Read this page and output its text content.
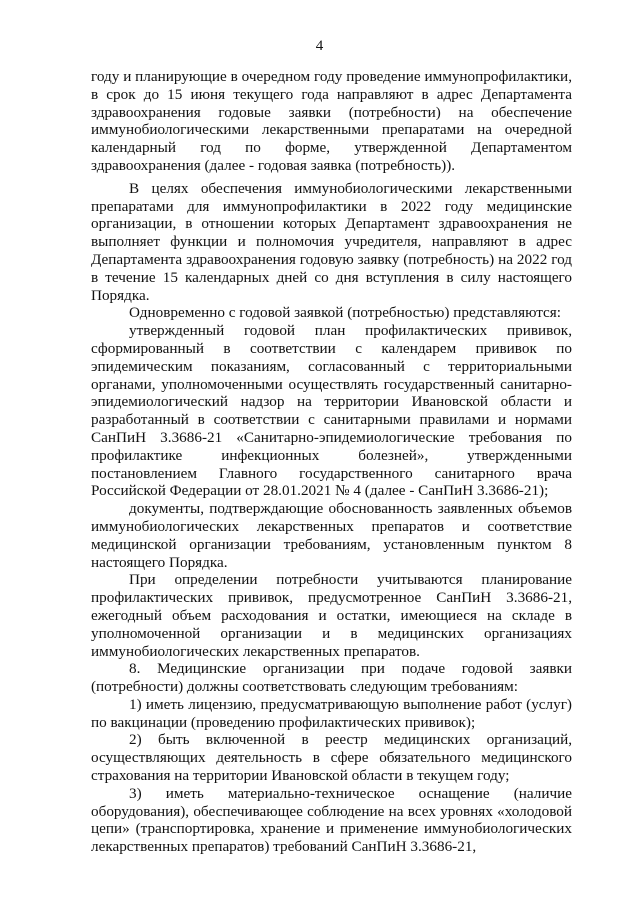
4

году и планирующие в очередном году проведение иммунопрофилактики, в срок до 15 июня текущего года направляют в адрес Департамента здравоохранения годовые заявки (потребности) на обеспечение иммунобиологическими лекарственными препаратами на очередной календарный год по форме, утвержденной Департаментом здравоохранения (далее - годовая заявка (потребность)).

В целях обеспечения иммунобиологическими лекарственными препаратами для иммунопрофилактики в 2022 году медицинские организации, в отношении которых Департамент здравоохранения не выполняет функции и полномочия учредителя, направляют в адрес Департамента здравоохранения годовую заявку (потребность) на 2022 год в течение 15 календарных дней со дня вступления в силу настоящего Порядка.

Одновременно с годовой заявкой (потребностью) представляются:

утвержденный годовой план профилактических прививок, сформированный в соответствии с календарем прививок по эпидемическим показаниям, согласованный с территориальными органами, уполномоченными осуществлять государственный санитарно-эпидемиологический надзор на территории Ивановской области и разработанный в соответствии с санитарными правилами и нормами СанПиН 3.3686-21 «Санитарно-эпидемиологические требования по профилактике инфекционных болезней», утвержденными постановлением Главного государственного санитарного врача Российской Федерации от 28.01.2021 № 4 (далее - СанПиН 3.3686-21);

документы, подтверждающие обоснованность заявленных объемов иммунобиологических лекарственных препаратов и соответствие медицинской организации требованиям, установленным пунктом 8 настоящего Порядка.

При определении потребности учитываются планирование профилактических прививок, предусмотренное СанПиН 3.3686-21, ежегодный объем расходования и остатки, имеющиеся на складе в уполномоченной организации и в медицинских организациях иммунобиологических лекарственных препаратов.

8. Медицинские организации при подаче годовой заявки (потребности) должны соответствовать следующим требованиям:

1) иметь лицензию, предусматривающую выполнение работ (услуг) по вакцинации (проведению профилактических прививок);

2) быть включенной в реестр медицинских организаций, осуществляющих деятельность в сфере обязательного медицинского страхования на территории Ивановской области в текущем году;

3) иметь материально-техническое оснащение (наличие оборудования), обеспечивающее соблюдение на всех уровнях «холодовой цепи» (транспортировка, хранение и применение иммунобиологических лекарственных препаратов) требований СанПиН 3.3686-21,
